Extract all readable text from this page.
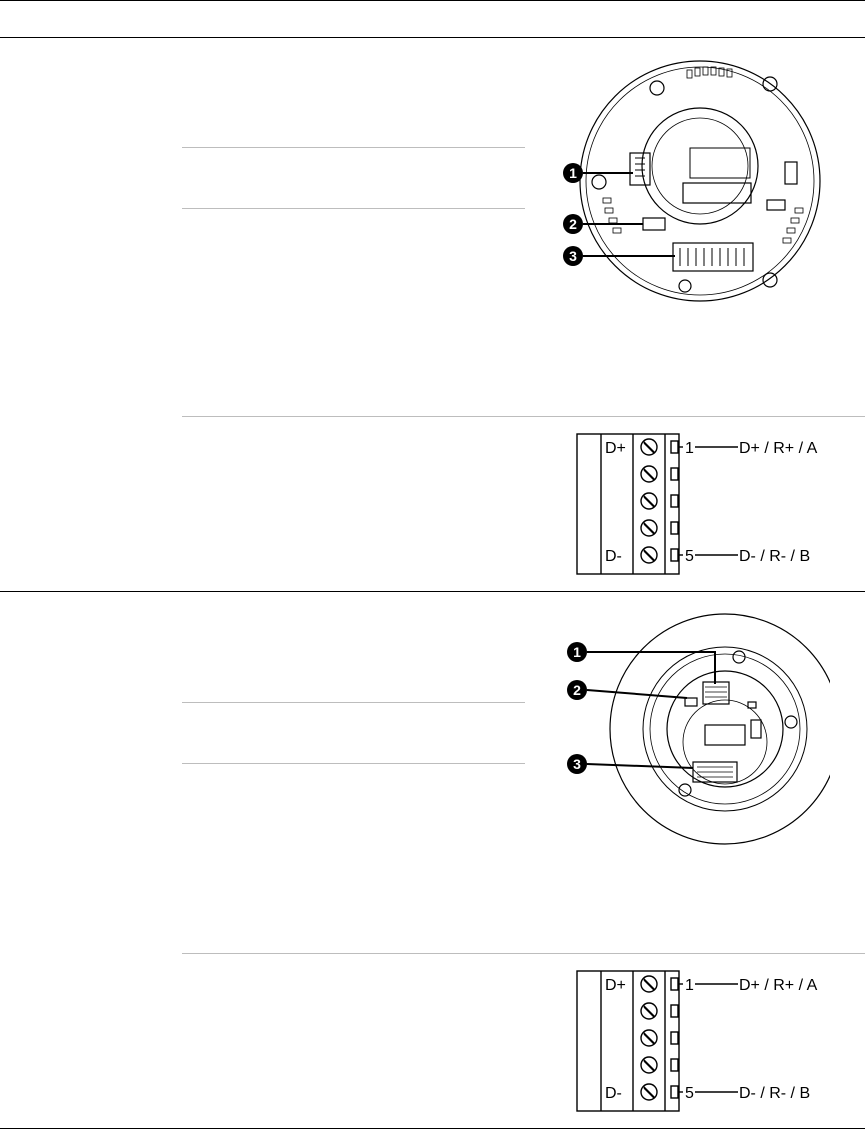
1
2
3
D+
D-
1
5
D+ / R+ / A
D- / R- / B
1
2
3
D+
D-
1
5
D+ / R+ / A
D- / R- / B
